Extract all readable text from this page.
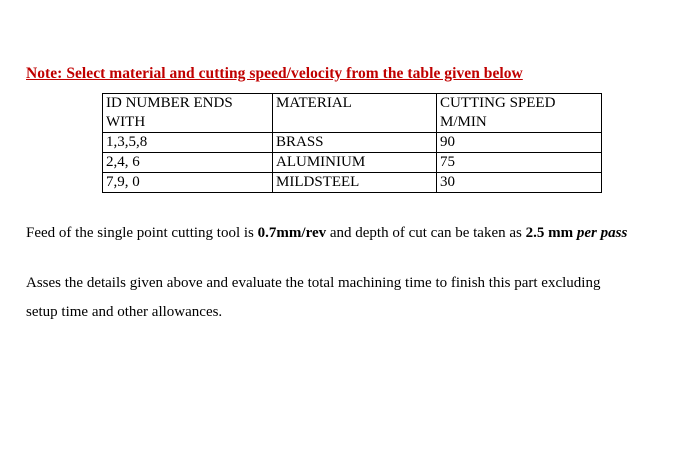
Note: Select material and cutting speed/velocity from the table given below
ID NUMBER ENDS WITH	MATERIAL	CUTTING SPEED M/MIN
1,3,5,8	BRASS	90
2,4, 6	ALUMINIUM	75
7,9, 0	MILDSTEEL	30

Feed of the single point cutting tool is 0.7mm/rev and depth of cut can be taken as 2.5 mm per pass

Asses the details given above and evaluate the total machining time to finish this part excluding

setup time and other allowances.
